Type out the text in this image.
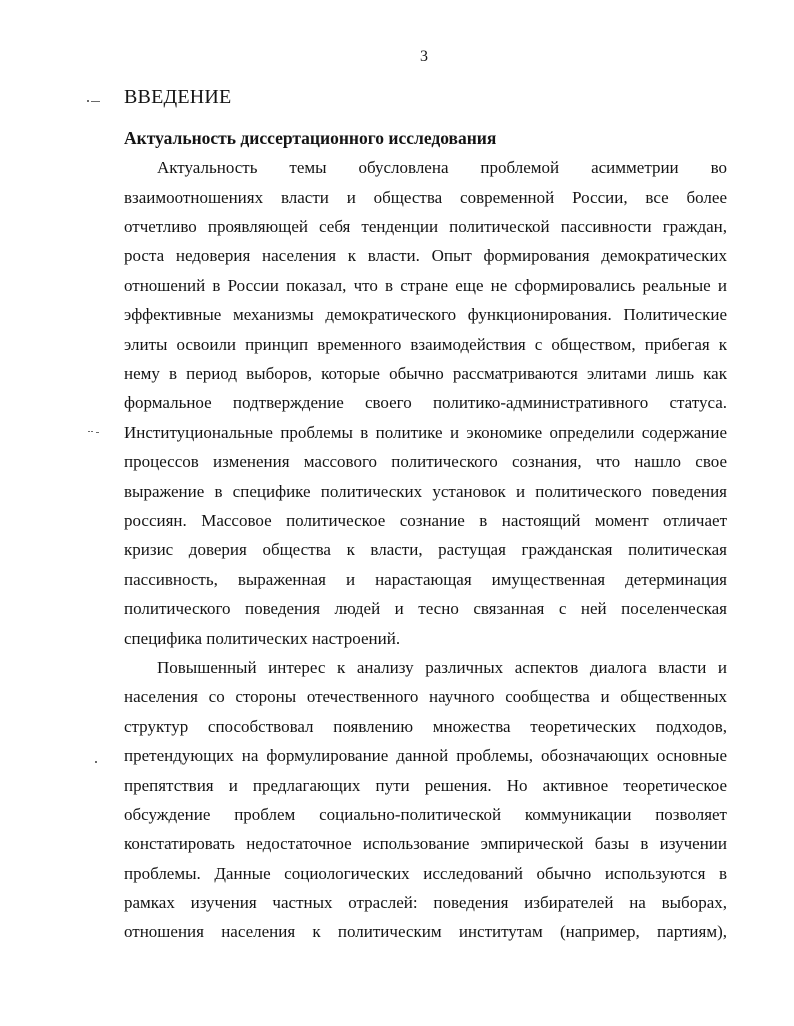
3
ВВЕДЕНИЕ
Актуальность диссертационного исследования
Актуальность темы обусловлена проблемой асимметрии во
взаимоотношениях власти и общества современной России, все более
отчетливо проявляющей себя тенденции политической пассивности граждан,
роста недоверия населения к власти. Опыт формирования демократических
отношений в России показал, что в стране еще не сформировались реальные и
эффективные механизмы демократического функционирования. Политические
элиты освоили принцип временного взаимодействия с обществом, прибегая к
нему в период выборов, которые обычно рассматриваются элитами лишь как
формальное подтверждение своего политико-административного статуса.
Институциональные проблемы в политике и экономике определили содержание
процессов изменения массового политического сознания, что нашло свое
выражение в специфике политических установок и политического поведения
россиян. Массовое политическое сознание в настоящий момент отличает
кризис доверия общества к власти, растущая гражданская политическая
пассивность, выраженная и нарастающая имущественная детерминация
политического поведения людей и тесно связанная с ней поселенческая
специфика политических настроений.
Повышенный интерес к анализу различных аспектов диалога власти и
населения со стороны отечественного научного сообщества и общественных
структур способствовал появлению множества теоретических подходов,
претендующих на формулирование данной проблемы, обозначающих основные
препятствия и предлагающих пути решения. Но активное теоретическое
обсуждение проблем социально-политической коммуникации позволяет
констатировать недостаточное использование эмпирической базы в изучении
проблемы. Данные социологических исследований обычно используются в
рамках изучения частных отраслей: поведения избирателей на выборах,
отношения населения к политическим институтам (например, партиям),
